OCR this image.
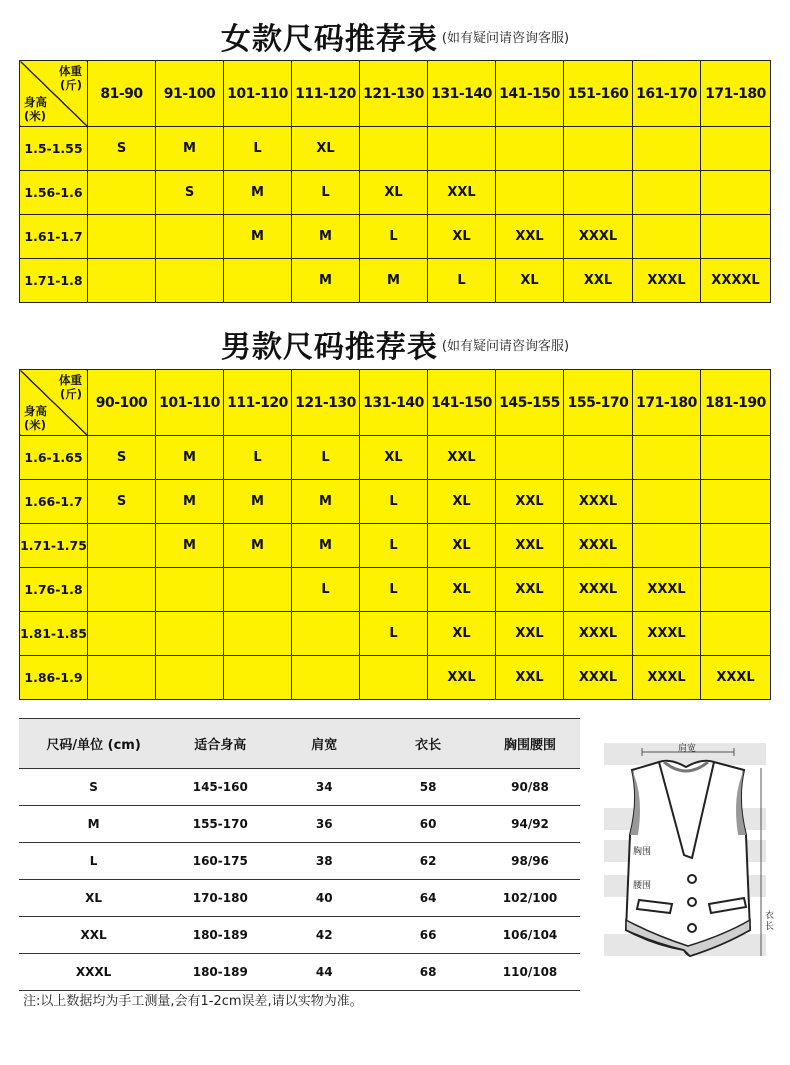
女款尺码推荐表 (如有疑问请咨询客服)
体重
(斤)
身高
(米)	81-90	91-100	101-110	111-120	121-130	131-140	141-150	151-160	161-170	171-180
1.5-1.55	S	M	L	XL						
1.56-1.6		S	M	L	XL	XXL				
1.61-1.7			M	M	L	XL	XXL	XXXL		
1.71-1.8				M	M	L	XL	XXL	XXXL	XXXXL
男款尺码推荐表 (如有疑问请咨询客服)
体重
(斤)
身高
(米)	90-100	101-110	111-120	121-130	131-140	141-150	145-155	155-170	171-180	181-190
1.6-1.65	S	M	L	L	XL	XXL				
1.66-1.7	S	M	M	M	L	XL	XXL	XXXL		
1.71-1.75		M	M	M	L	XL	XXL	XXXL		
1.76-1.8				L	L	XL	XXL	XXXL	XXXL	
1.81-1.85					L	XL	XXL	XXXL	XXXL	
1.86-1.9						XXL	XXL	XXXL	XXXL	XXXL
尺码/单位 (cm)	适合身高	肩宽	衣长	胸围腰围
S	145-160	34	58	90/88
M	155-170	36	60	94/92
L	160-175	38	62	98/96
XL	170-180	40	64	102/100
XXL	180-189	42	66	106/104
XXXL	180-189	44	68	110/108
注:以上数据均为手工测量,会有1-2cm误差,请以实物为准。
肩宽
胸围
腰围
衣
长
